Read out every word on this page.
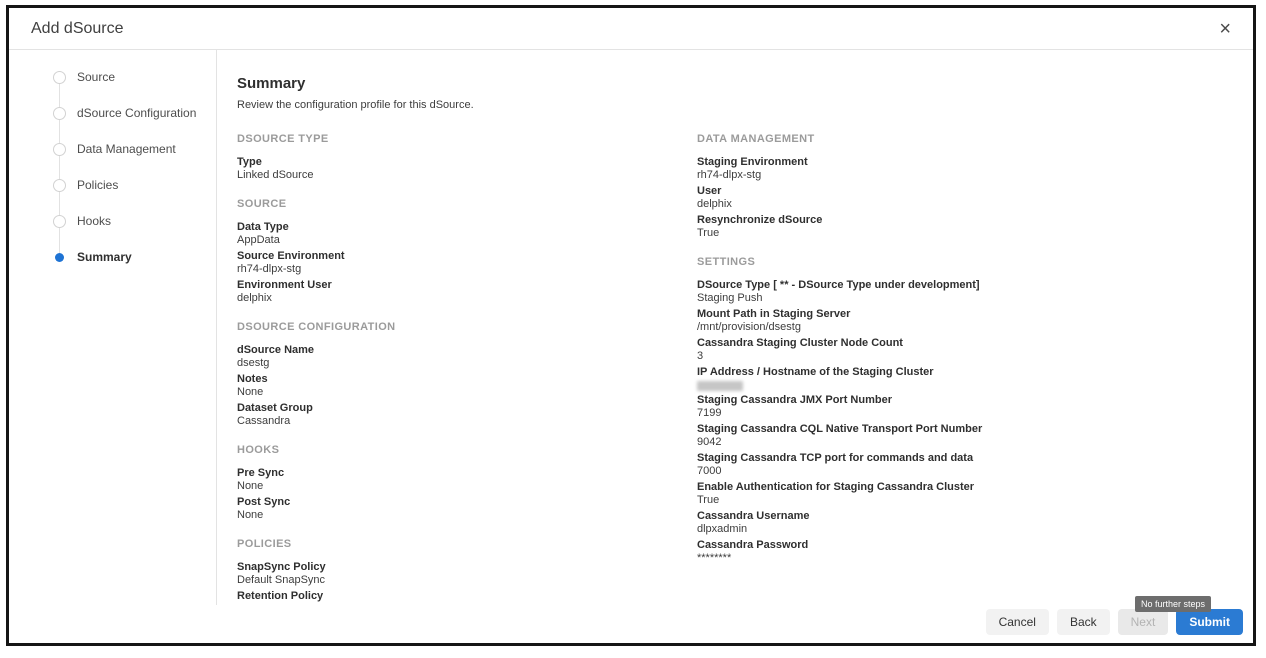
Add dSource	×
Source
dSource Configuration
Data Management
Policies
Hooks
Summary
Summary
Review the configuration profile for this dSource.
DSOURCE TYPE
Type
Linked dSource
SOURCE
Data Type
AppData
Source Environment
rh74-dlpx-stg
Environment User
delphix
DSOURCE CONFIGURATION
dSource Name
dsestg
Notes
None
Dataset Group
Cassandra
HOOKS
Pre Sync
None
Post Sync
None
POLICIES
SnapSync Policy
Default SnapSync
Retention Policy
DATA MANAGEMENT
Staging Environment
rh74-dlpx-stg
User
delphix
Resynchronize dSource
True
SETTINGS
DSource Type [ ** - DSource Type under development]
Staging Push
Mount Path in Staging Server
/mnt/provision/dsestg
Cassandra Staging Cluster Node Count
3
IP Address / Hostname of the Staging Cluster
Staging Cassandra JMX Port Number
7199
Staging Cassandra CQL Native Transport Port Number
9042
Staging Cassandra TCP port for commands and data
7000
Enable Authentication for Staging Cassandra Cluster
True
Cassandra Username
dlpxadmin
Cassandra Password
********
No further steps
Cancel	Back	Next	Submit
